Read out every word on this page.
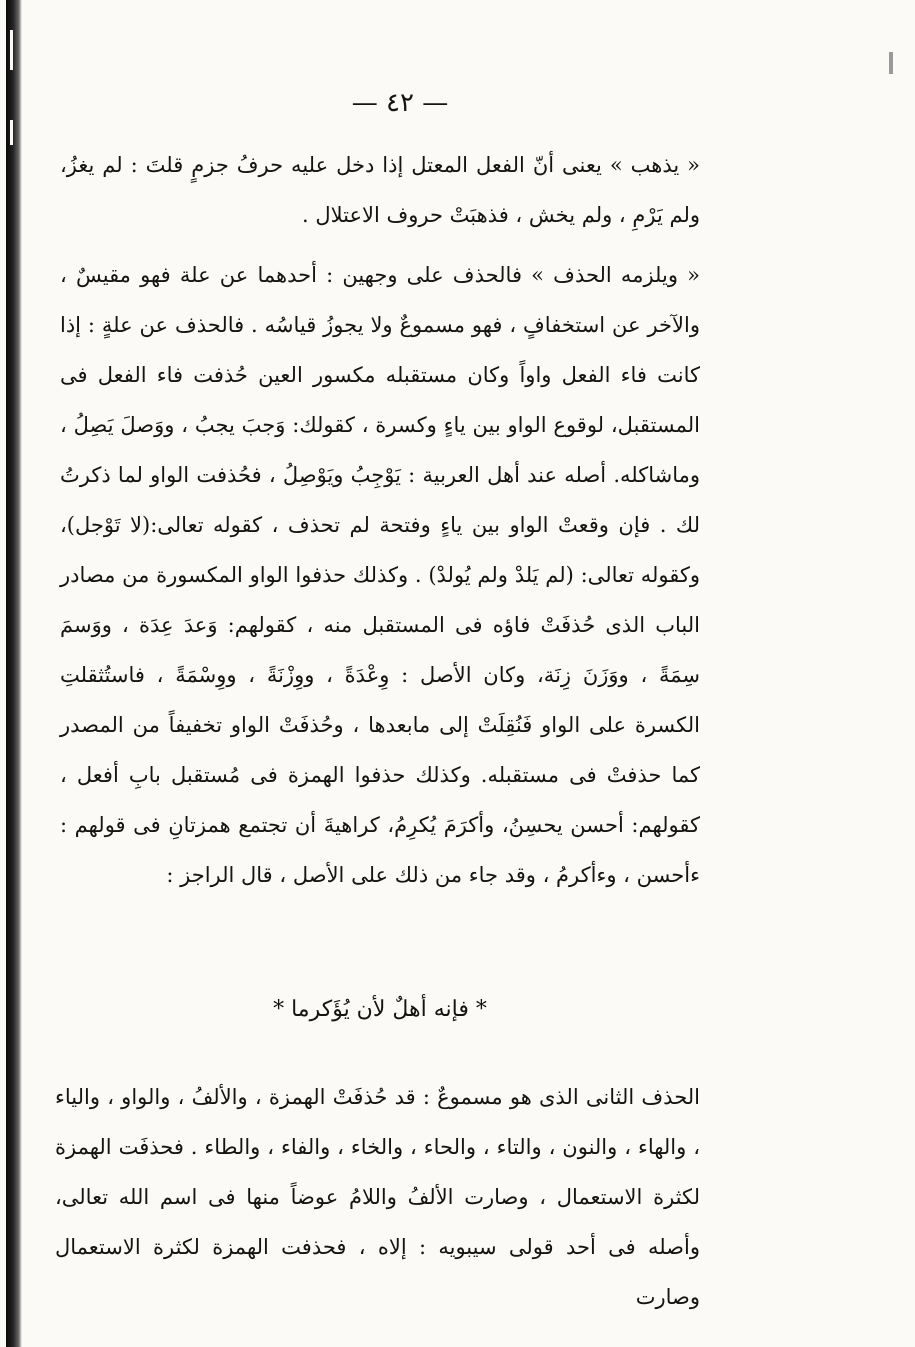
— ٤٢ —

« يذهب » يعنى أنّ الفعل المعتل إذا دخل عليه حرفُ جزمٍ قلتَ : لم يغزُ، ولم يَرْمِ ، ولم يخش ، فذهبَتْ حروف الاعتلال .

« ويلزمه الحذف » فالحذف على وجهين : أحدهما عن علة فهو مقيسٌ ، والآخر عن استخفافٍ ، فهو مسموعٌ ولا يجوزُ قياسُه . فالحذف عن علةٍ : إذا كانت فاء الفعل واواً وكان مستقبله مكسور العين حُذفت فاء الفعل فى المستقبل، لوقوع الواو بين ياءٍ وكسرة ، كقولك: وَجبَ يجبُ ، ووَصلَ يَصِلُ ، وماشاكله. أصله عند أهل العربية : يَوْجِبُ ويَوْصِلُ ، فحُذفت الواو لما ذكرتُ لك . فإن وقعتْ الواو بين ياءٍ وفتحة لم تحذف ، كقوله تعالى:(لا تَوْجل)، وكقوله تعالى: (لم يَلدْ ولم يُولدْ) . وكذلك حذفوا الواو المكسورة من مصادر الباب الذى حُذفَتْ فاؤه فى المستقبل منه ، كقولهم: وَعدَ عِدَة ، ووَسمَ سِمَةً ، ووَزَنَ زِنَة، وكان الأصل : وِعْدَةً ، ووِزْنَةً ، ووِسْمَةً ، فاستُثقلتِ الكسرة على الواو فَنُقِلَتْ إلى مابعدها ، وحُذفَتْ الواو تخفيفاً من المصدر كما حذفتْ فى مستقبله. وكذلك حذفوا الهمزة فى مُستقبل بابِ أفعل ، كقولهم: أحسن يحسِنُ، وأكرَمَ يُكرِمُ، كراهيةَ أن تجتمع همزتانِ فى قولهم : ءأحسن ، وءأكرمُ ، وقد جاء من ذلك على الأصل ، قال الراجز :

* فإنه أهلٌ لأن يُؤَكرما *

الحذف الثانى الذى هو مسموعٌ : قد حُذفَتْ الهمزة ، والألفُ ، والواو ، والياء ، والهاء ، والنون ، والتاء ، والحاء ، والخاء ، والفاء ، والطاء . فحذفَت الهمزة لكثرة الاستعمال ، وصارت الألفُ واللامُ عوضاً منها فى اسم الله تعالى، وأصله فى أحد قولى سيبويه : إلاه ، فحذفت الهمزة لكثرة الاستعمال وصارت
